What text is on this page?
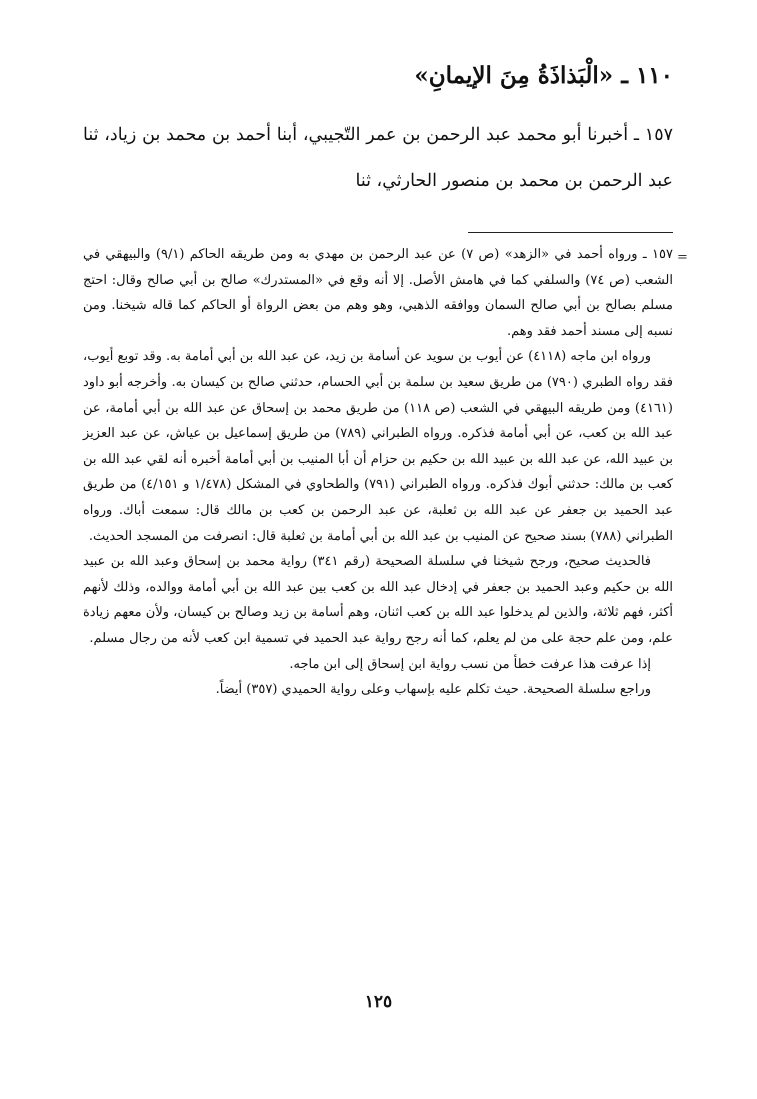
١١٠ ـ «الْبَذاذَةُ مِنَ الإيمانِ»

١٥٧ ـ أخبرنا أبو محمد عبد الرحمن بن عمر التّجيبي، أبنا أحمد بن محمد بن زياد، ثنا عبد الرحمن بن محمد بن منصور الحارثي، ثنا

=

١٥٧ ـ ورواه أحمد في «الزهد» (ص ٧) عن عبد الرحمن بن مهدي به ومن طريقه الحاكم (٩/١) والبيهقي في الشعب (ص ٧٤) والسلفي كما في هامش الأصل. إلا أنه وقع في «المستدرك» صالح بن أبي صالح وقال: احتج مسلم بصالح بن أبي صالح السمان ووافقه الذهبي، وهو وهم من بعض الرواة أو الحاكم كما قاله شيخنا. ومن نسبه إلى مسند أحمد فقد وهم.

ورواه ابن ماجه (٤١١٨) عن أيوب بن سويد عن أسامة بن زيد، عن عبد الله بن أبي أمامة به. وقد توبع أيوب، فقد رواه الطبري (٧٩٠) من طريق سعيد بن سلمة بن أبي الحسام، حدثني صالح بن كيسان به. وأخرجه أبو داود (٤١٦١) ومن طريقه البيهقي في الشعب (ص ١١٨) من طريق محمد بن إسحاق عن عبد الله بن أبي أمامة، عن عبد الله بن كعب، عن أبي أمامة فذكره. ورواه الطبراني (٧٨٩) من طريق إسماعيل بن عياش، عن عبد العزيز بن عبيد الله، عن عبد الله بن عبيد الله بن حكيم بن حزام أن أبا المنيب بن أبي أمامة أخبره أنه لقي عبد الله بن كعب بن مالك: حدثني أبوك فذكره. ورواه الطبراني (٧٩١) والطحاوي في المشكل (١/٤٧٨ و ٤/١٥١) من طريق عبد الحميد بن جعفر عن عبد الله بن ثعلبة، عن عبد الرحمن بن كعب بن مالك قال: سمعت أباك. ورواه الطبراني (٧٨٨) بسند صحيح عن المنيب بن عبد الله بن أبي أمامة بن ثعلبة قال: انصرفت من المسجد الحديث.

فالحديث صحيح، ورجح شيخنا في سلسلة الصحيحة (رقم ٣٤١) رواية محمد بن إسحاق وعبد الله بن عبيد الله بن حكيم وعبد الحميد بن جعفر في إدخال عبد الله بن كعب بين عبد الله بن أبي أمامة ووالده، وذلك لأنهم أكثر، فهم ثلاثة، والذين لم يدخلوا عبد الله بن كعب اثنان، وهم أسامة بن زيد وصالح بن كيسان، ولأن معهم زيادة علم، ومن علم حجة على من لم يعلم، كما أنه رجح رواية عبد الحميد في تسمية ابن كعب لأنه من رجال مسلم.

إذا عرفت هذا عرفت خطأ من نسب رواية ابن إسحاق إلى ابن ماجه.

وراجع سلسلة الصحيحة. حيث تكلم عليه بإسهاب وعلى رواية الحميدي (٣٥٧) أيضاً.

١٢٥
